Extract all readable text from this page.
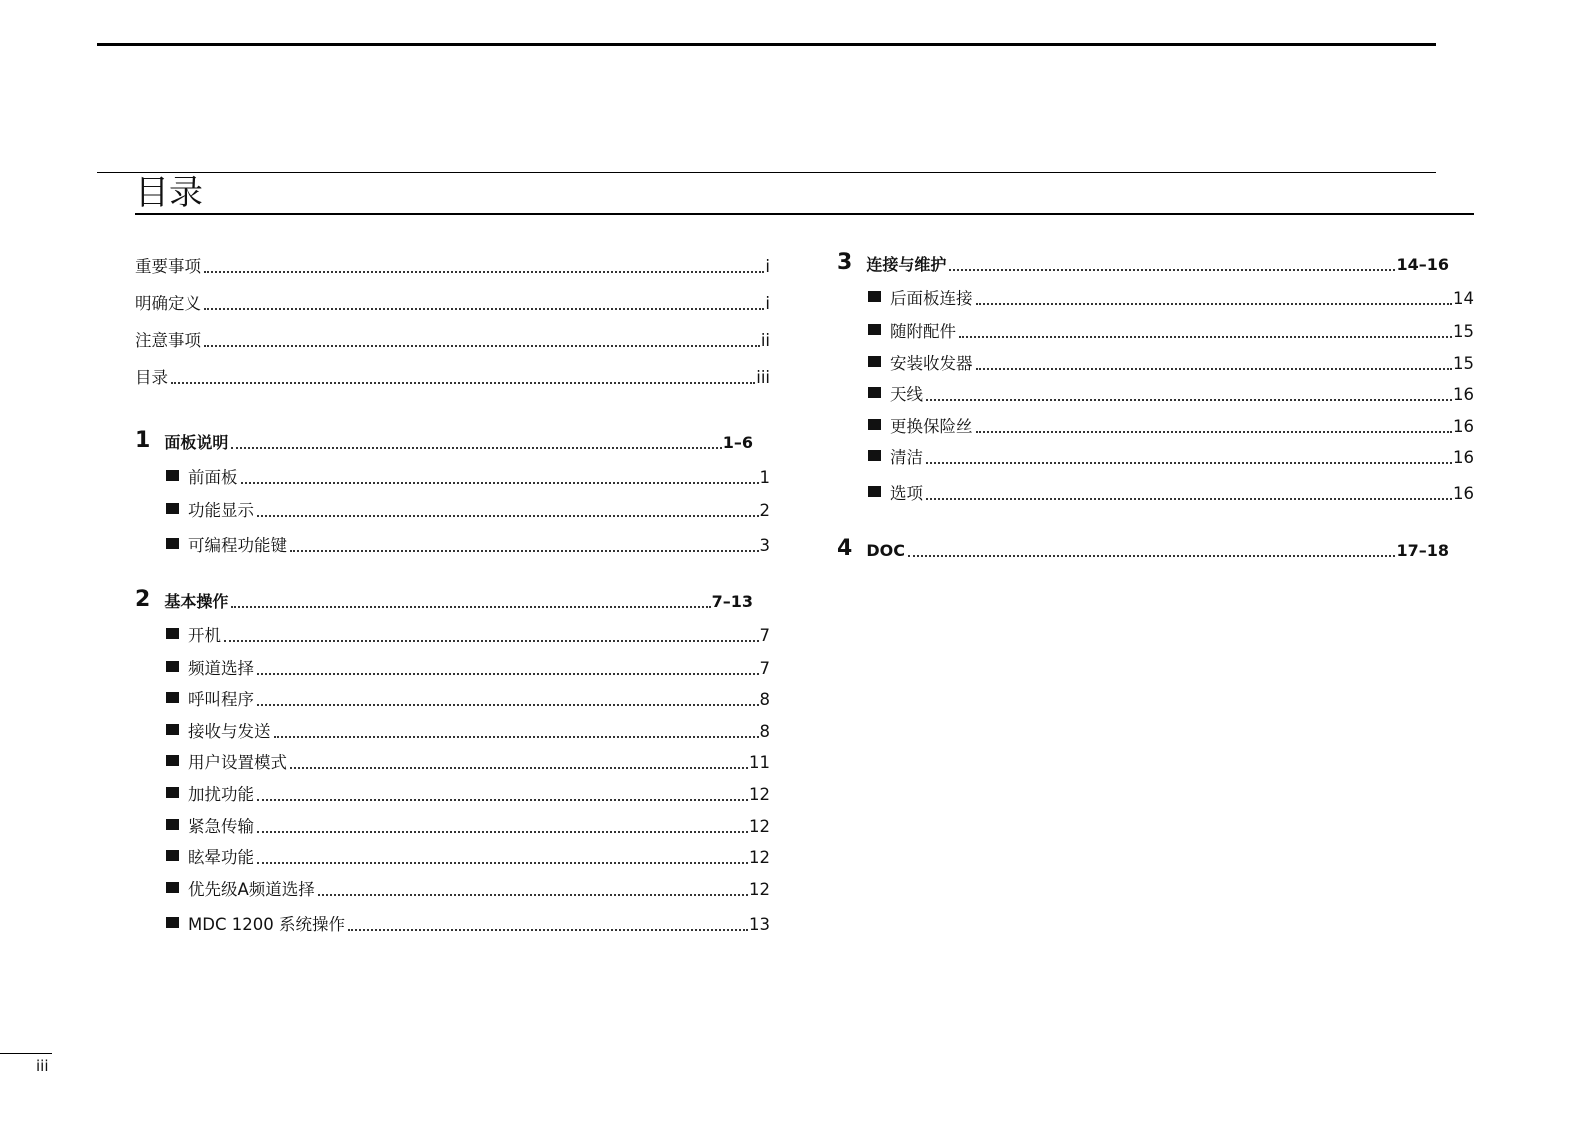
目录
iii
重要事项	i
明确定义	i
注意事项	ii
目录	iii
1 面板说明	1–6
前面板	1
功能显示	2
可编程功能键	3
2 基本操作	7–13
开机	7
频道选择	7
呼叫程序	8
接收与发送	8
用户设置模式	11
加扰功能	12
紧急传输	12
眩晕功能	12
优先级A频道选择	12
MDC 1200 系统操作	13
3 连接与维护	14–16
后面板连接	14
随附配件	15
安装收发器	15
天线	16
更换保险丝	16
清洁	16
选项	16
4 DOC	17–18
